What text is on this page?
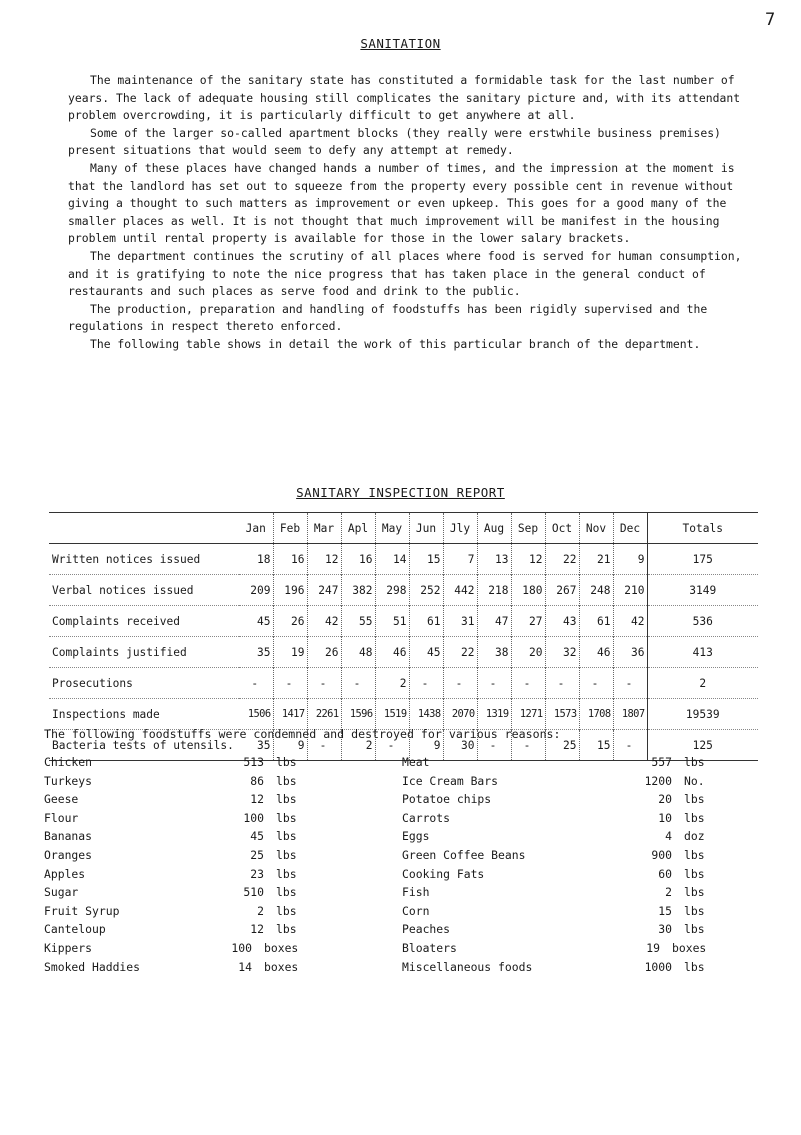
7
SANITATION

The maintenance of the sanitary state has constituted a formidable task for the last number of years. The lack of adequate housing still complicates the sanitary picture and, with its attendant problem overcrowding, it is particularly difficult to get anywhere at all.

Some of the larger so-called apartment blocks (they really were erstwhile business premises) present situations that would seem to defy any attempt at remedy.

Many of these places have changed hands a number of times, and the impression at the moment is that the landlord has set out to squeeze from the property every possible cent in revenue without giving a thought to such matters as improvement or even upkeep. This goes for a good many of the smaller places as well. It is not thought that much improvement will be manifest in the housing problem until rental property is available for those in the lower salary brackets.

The department continues the scrutiny of all places where food is served for human consumption, and it is gratifying to note the nice progress that has taken place in the general conduct of restaurants and such places as serve food and drink to the public.

The production, preparation and handling of foodstuffs has been rigidly supervised and the regulations in respect thereto enforced.

The following table shows in detail the work of this particular branch of the department.

SANITARY INSPECTION REPORT
	Jan	Feb	Mar	Apl	May	Jun	Jly	Aug	Sep	Oct	Nov	Dec	Totals
Written notices issued	18	16	12	16	14	15	7	13	12	22	21	9	175
Verbal notices issued	209	196	247	382	298	252	442	218	180	267	248	210	3149
Complaints received	45	26	42	55	51	61	31	47	27	43	61	42	536
Complaints justified	35	19	26	48	46	45	22	38	20	32	46	36	413
Prosecutions	-	-	-	-	2	-	-	-	-	-	-	-	2
Inspections made	1506	1417	2261	1596	1519	1438	2070	1319	1271	1573	1708	1807	19539
Bacteria tests of utensils.	35	9	-	2	-	9	30	-	-	25	15	-	125
The following foodstuffs were condemned and destroyed for various reasons:
Chicken	513 lbs
Turkeys	86 lbs
Geese	12 lbs
Flour	100 lbs
Bananas	45 lbs
Oranges	25 lbs
Apples	23 lbs
Sugar	510 lbs
Fruit Syrup	2 lbs
Canteloup	12 lbs
Kippers	100 boxes
Smoked Haddies	14 boxes
Meat	557 lbs
Ice Cream Bars	1200 No.
Potatoe chips	20 lbs
Carrots	10 lbs
Eggs	4 doz
Green Coffee Beans	900 lbs
Cooking Fats	60 lbs
Fish	2 lbs
Corn	15 lbs
Peaches	30 lbs
Bloaters	19 boxes
Miscellaneous foods	1000 lbs
